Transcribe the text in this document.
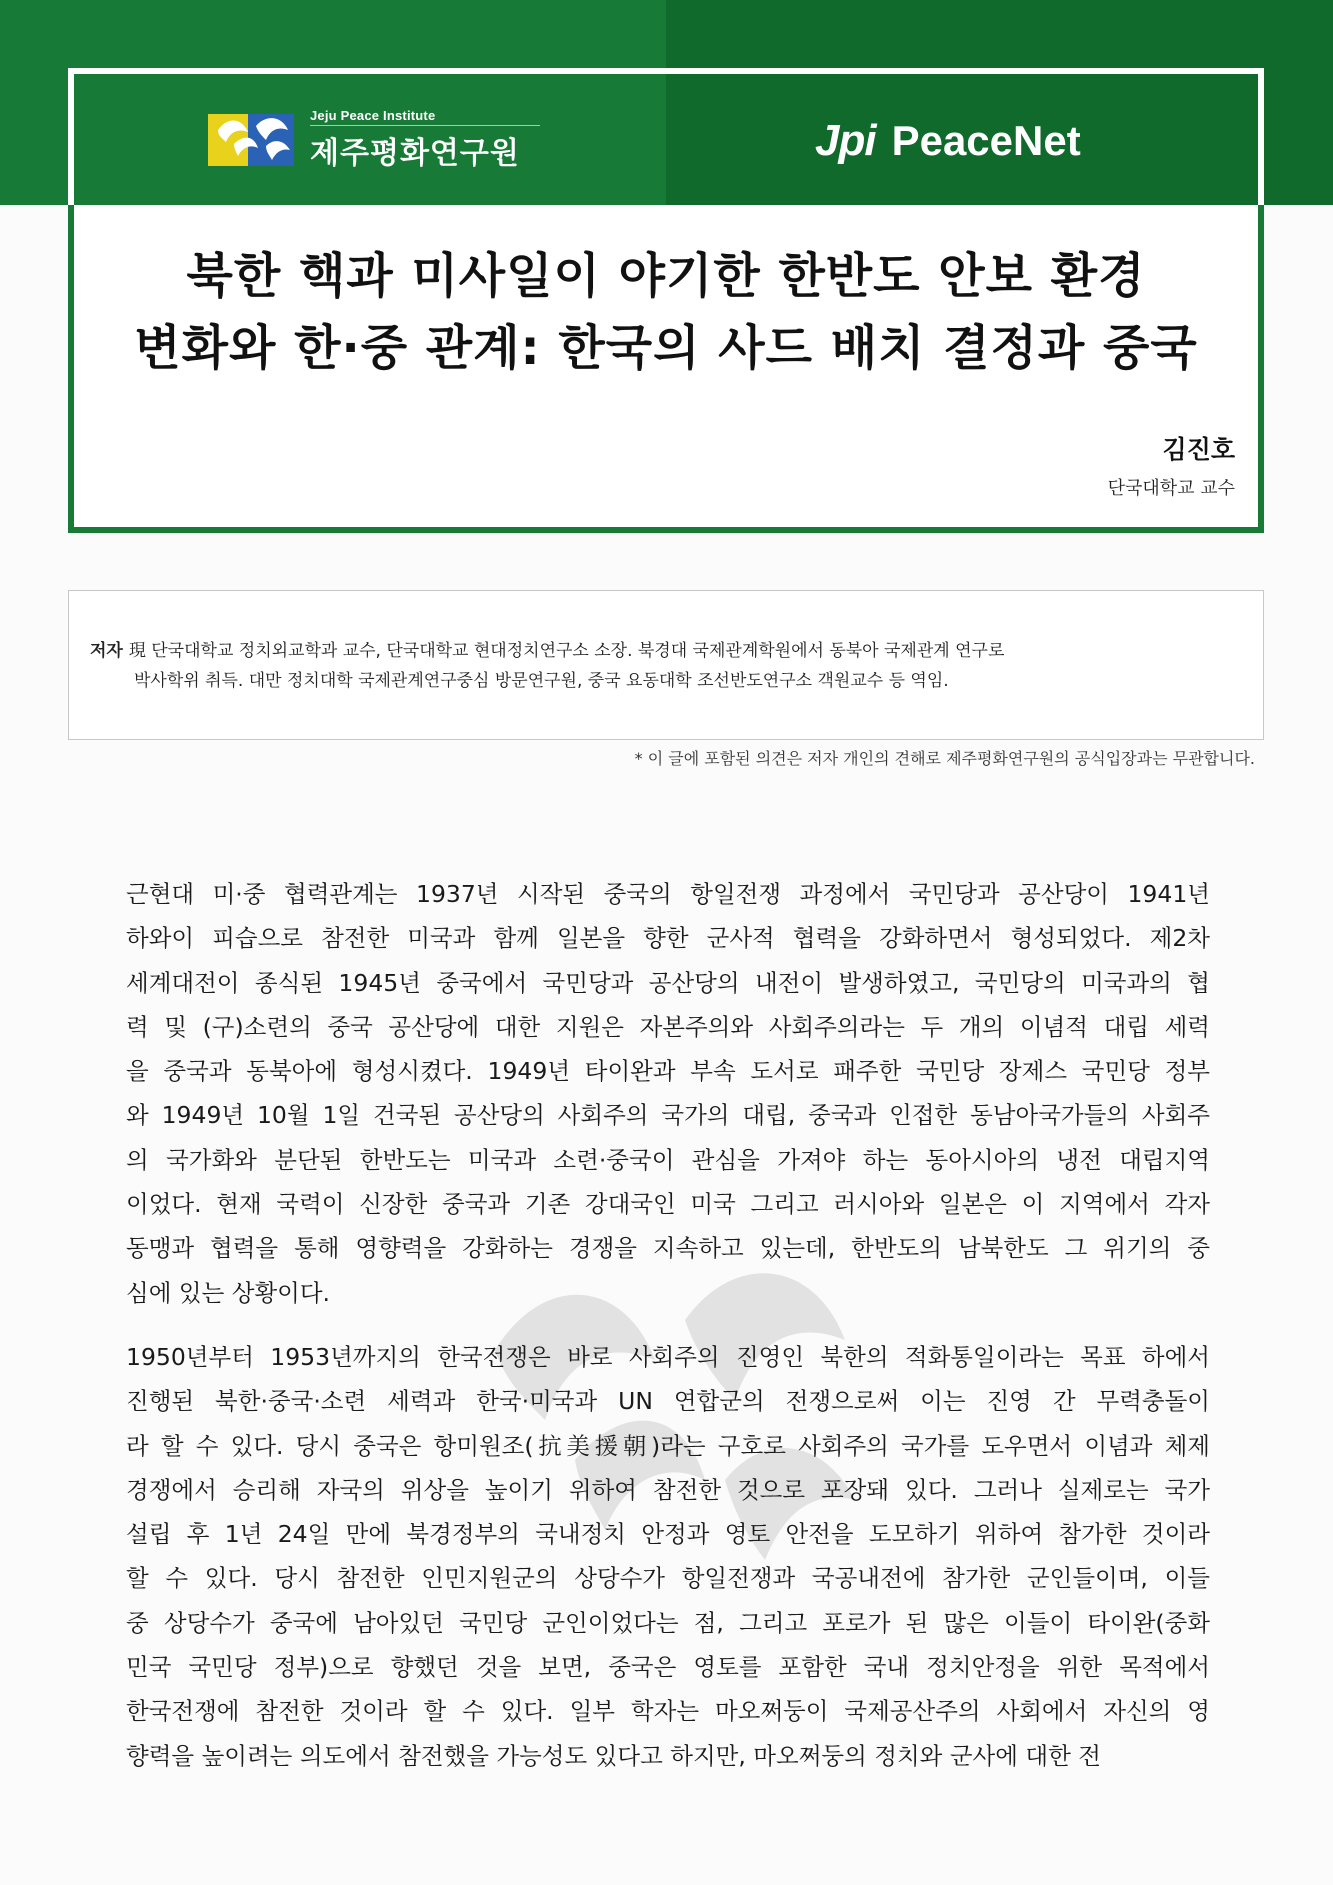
Jeju Peace Institute
제주평화연구원	Jpi PeaceNet
북한 핵과 미사일이 야기한 한반도 안보 환경
변화와 한·중 관계: 한국의 사드 배치 결정과 중국
김진호
단국대학교 교수
저자 現 단국대학교 정치외교학과 교수, 단국대학교 현대정치연구소 소장. 북경대 국제관계학원에서 동북아 국제관계 연구로
박사학위 취득. 대만 정치대학 국제관계연구중심 방문연구원, 중국 요동대학 조선반도연구소 객원교수 등 역임.
* 이 글에 포함된 의견은 저자 개인의 견해로 제주평화연구원의 공식입장과는 무관합니다.
근현대 미·중 협력관계는 1937년 시작된 중국의 항일전쟁 과정에서 국민당과 공산당이 1941년
하와이 피습으로 참전한 미국과 함께 일본을 향한 군사적 협력을 강화하면서 형성되었다. 제2차
세계대전이 종식된 1945년 중국에서 국민당과 공산당의 내전이 발생하였고, 국민당의 미국과의 협
력 및 (구)소련의 중국 공산당에 대한 지원은 자본주의와 사회주의라는 두 개의 이념적 대립 세력
을 중국과 동북아에 형성시켰다. 1949년 타이완과 부속 도서로 패주한 국민당 장제스 국민당 정부
와 1949년 10월 1일 건국된 공산당의 사회주의 국가의 대립, 중국과 인접한 동남아국가들의 사회주
의 국가화와 분단된 한반도는 미국과 소련·중국이 관심을 가져야 하는 동아시아의 냉전 대립지역
이었다. 현재 국력이 신장한 중국과 기존 강대국인 미국 그리고 러시아와 일본은 이 지역에서 각자
동맹과 협력을 통해 영향력을 강화하는 경쟁을 지속하고 있는데, 한반도의 남북한도 그 위기의 중
심에 있는 상황이다.
1950년부터 1953년까지의 한국전쟁은 바로 사회주의 진영인 북한의 적화통일이라는 목표 하에서
진행된 북한·중국·소련 세력과 한국·미국과 UN 연합군의 전쟁으로써 이는 진영 간 무력충돌이
라 할 수 있다. 당시 중국은 항미원조(抗美援朝)라는 구호로 사회주의 국가를 도우면서 이념과 체제
경쟁에서 승리해 자국의 위상을 높이기 위하여 참전한 것으로 포장돼 있다. 그러나 실제로는 국가
설립 후 1년 24일 만에 북경정부의 국내정치 안정과 영토 안전을 도모하기 위하여 참가한 것이라
할 수 있다. 당시 참전한 인민지원군의 상당수가 항일전쟁과 국공내전에 참가한 군인들이며, 이들
중 상당수가 중국에 남아있던 국민당 군인이었다는 점, 그리고 포로가 된 많은 이들이 타이완(중화
민국 국민당 정부)으로 향했던 것을 보면, 중국은 영토를 포함한 국내 정치안정을 위한 목적에서
한국전쟁에 참전한 것이라 할 수 있다. 일부 학자는 마오쩌둥이 국제공산주의 사회에서 자신의 영
향력을 높이려는 의도에서 참전했을 가능성도 있다고 하지만, 마오쩌둥의 정치와 군사에 대한 전
